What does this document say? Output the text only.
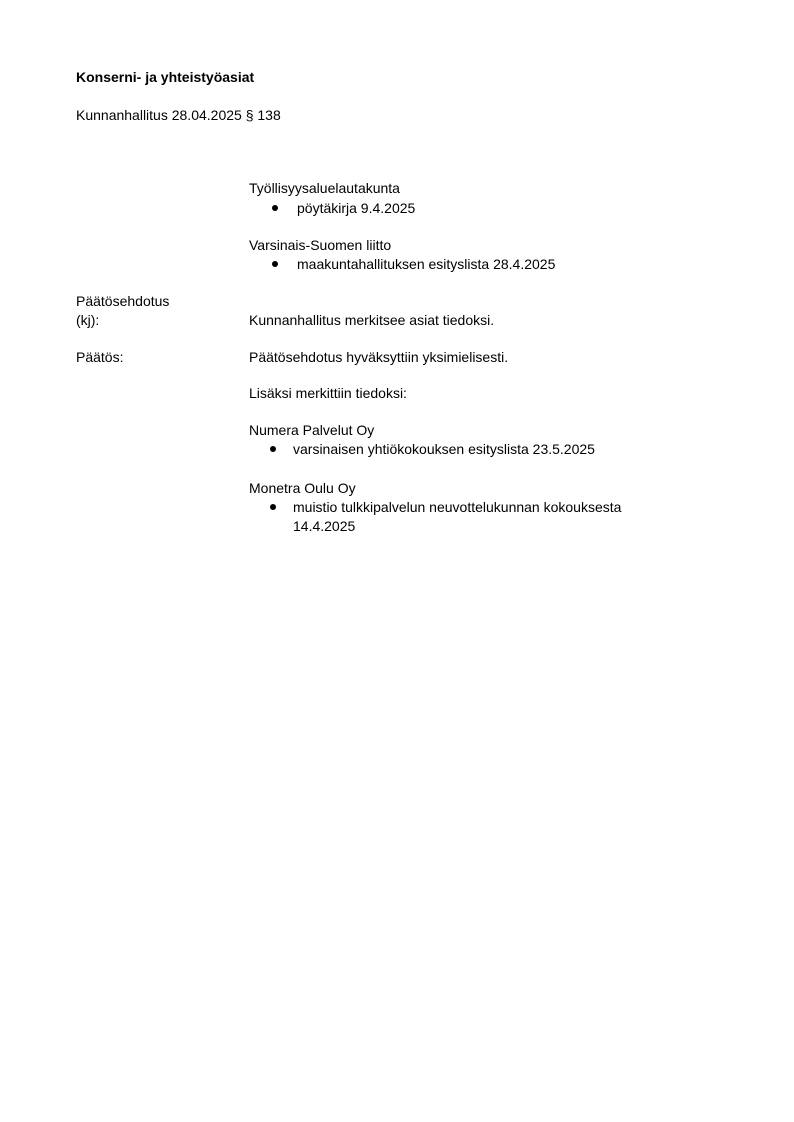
Konserni- ja yhteistyöasiat
Kunnanhallitus 28.04.2025 § 138
Työllisyysaluelautakunta
pöytäkirja 9.4.2025
Varsinais-Suomen liitto
maakuntahallituksen esityslista 28.4.2025
Päätösehdotus
(kj):	Kunnanhallitus merkitsee asiat tiedoksi.
Päätös:	Päätösehdotus hyväksyttiin yksimielisesti.
Lisäksi merkittiin tiedoksi:
Numera Palvelut Oy
varsinaisen yhtiökokouksen esityslista 23.5.2025
Monetra Oulu Oy
muistio tulkkipalvelun neuvottelukunnan kokouksesta
14.4.2025
